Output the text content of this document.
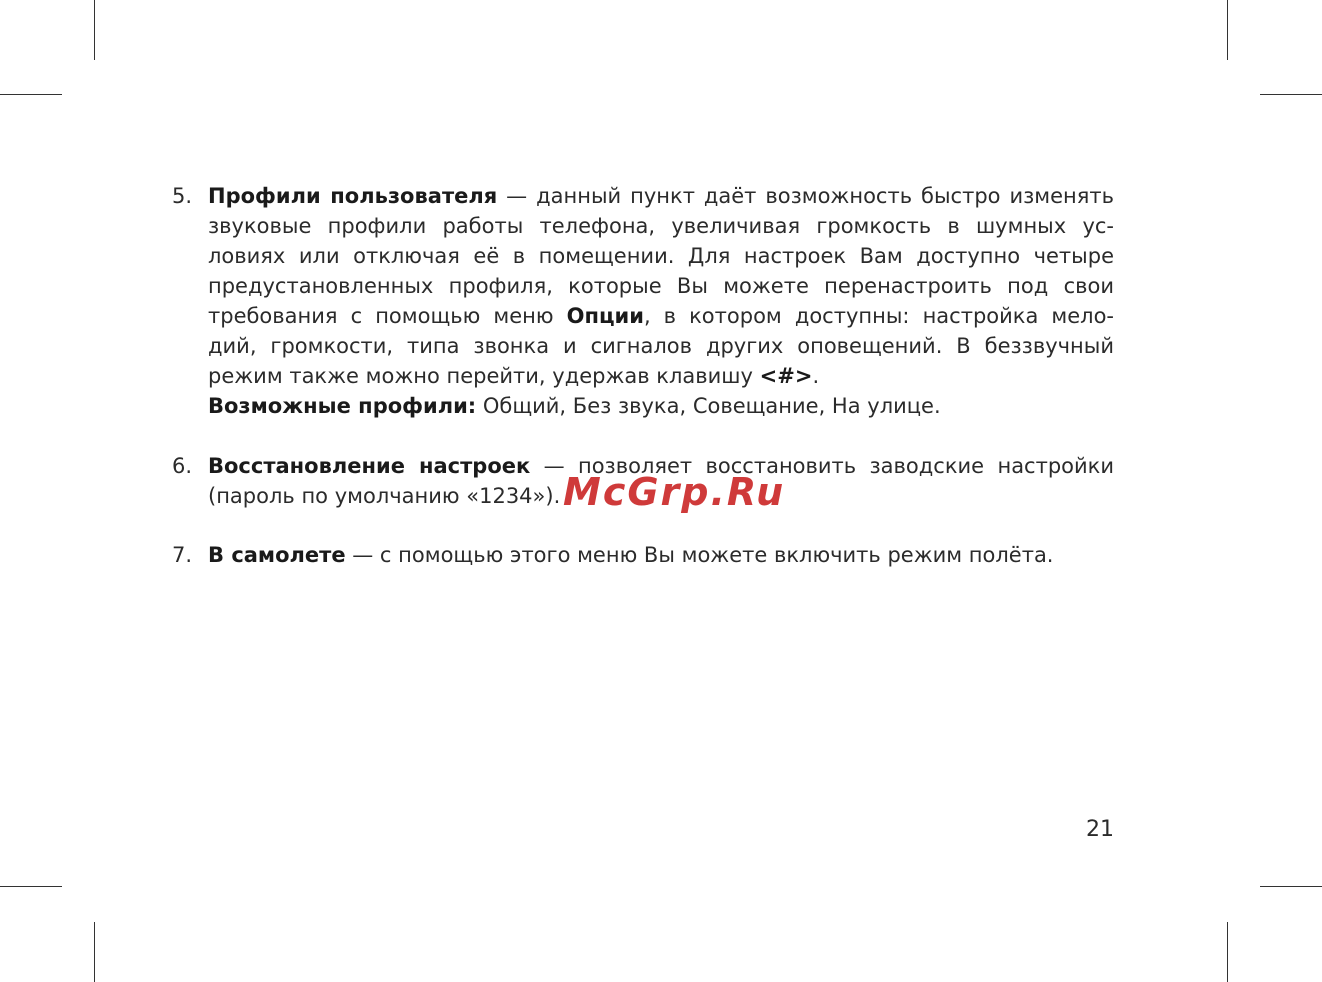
5. Профили пользователя — данный пункт даёт возможность быстро изменять
звуковые профили работы телефона, увеличивая громкость в шумных ус-
ловиях или отключая её в помещении. Для настроек Вам доступно четыре
предустановленных профиля, которые Вы можете перенастроить под свои
требования с помощью меню Опции, в котором доступны: настройка мело-
дий, громкости, типа звонка и сигналов других оповещений. В беззвучный
режим также можно перейти, удержав клавишу <#>.
Возможные профили: Общий, Без звука, Совещание, На улице.
6. Восстановление настроек — позволяет восстановить заводские настройки
(пароль по умолчанию «1234»).
7. В самолете — с помощью этого меню Вы можете включить режим полёта.
McGrp.Ru
21
